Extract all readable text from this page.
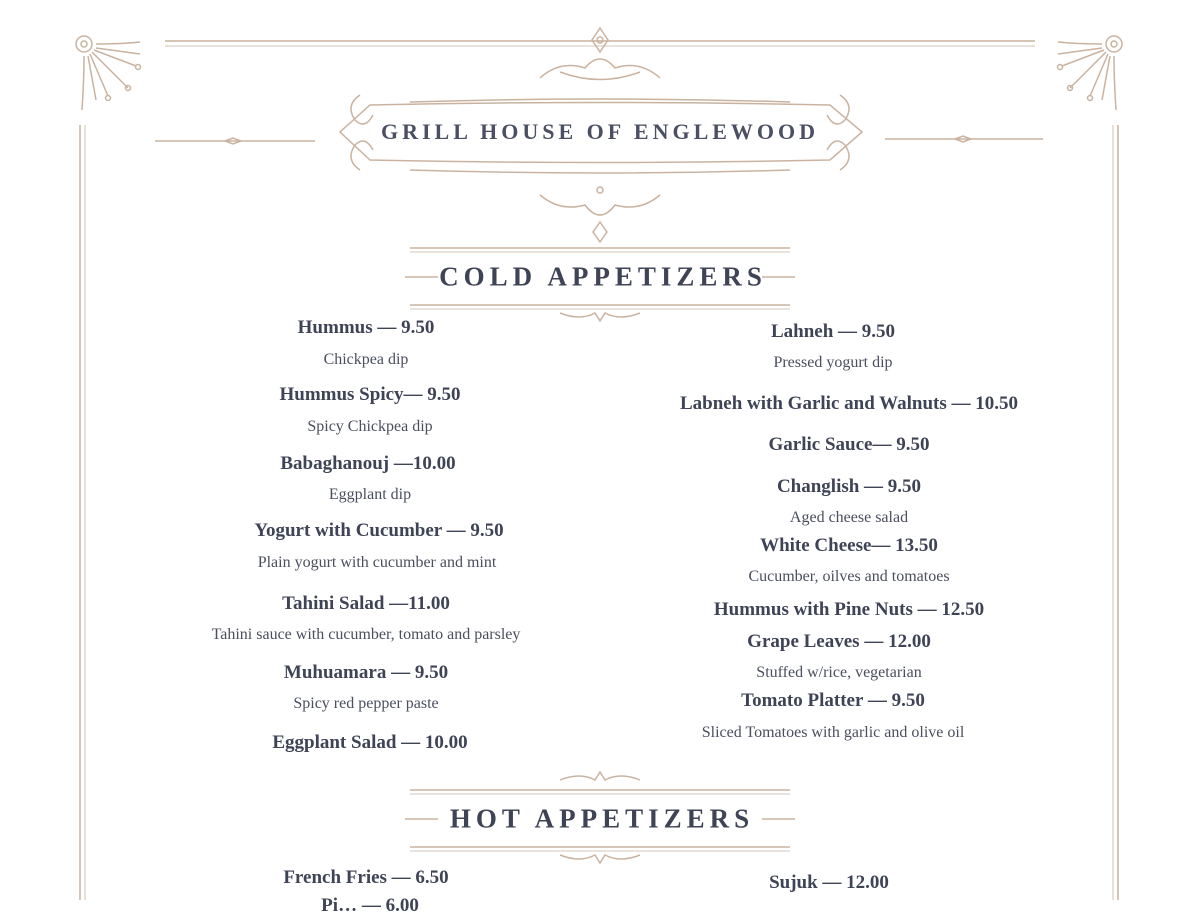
GRILL HOUSE OF ENGLEWOOD
COLD APPETIZERS
Hummus — 9.50
Chickpea dip
Hummus Spicy— 9.50
Spicy Chickpea dip
Babaghanouj —10.00
Eggplant dip
Yogurt with Cucumber — 9.50
Plain yogurt with cucumber and mint
Tahini Salad —11.00
Tahini sauce with cucumber, tomato and parsley
Muhuamara — 9.50
Spicy red pepper paste
Eggplant Salad — 10.00
Lahneh — 9.50
Pressed yogurt dip
Labneh with Garlic and Walnuts — 10.50
Garlic Sauce— 9.50
Changlish — 9.50
Aged cheese salad
White Cheese— 13.50
Cucumber, oilves and tomatoes
Hummus with Pine Nuts — 12.50
Grape Leaves — 12.00
Stuffed w/rice, vegetarian
Tomato Platter — 9.50
Sliced Tomatoes with garlic and olive oil
HOT APPETIZERS
French Fries — 6.50
Pi… — 6.00
Sujuk — 12.00
